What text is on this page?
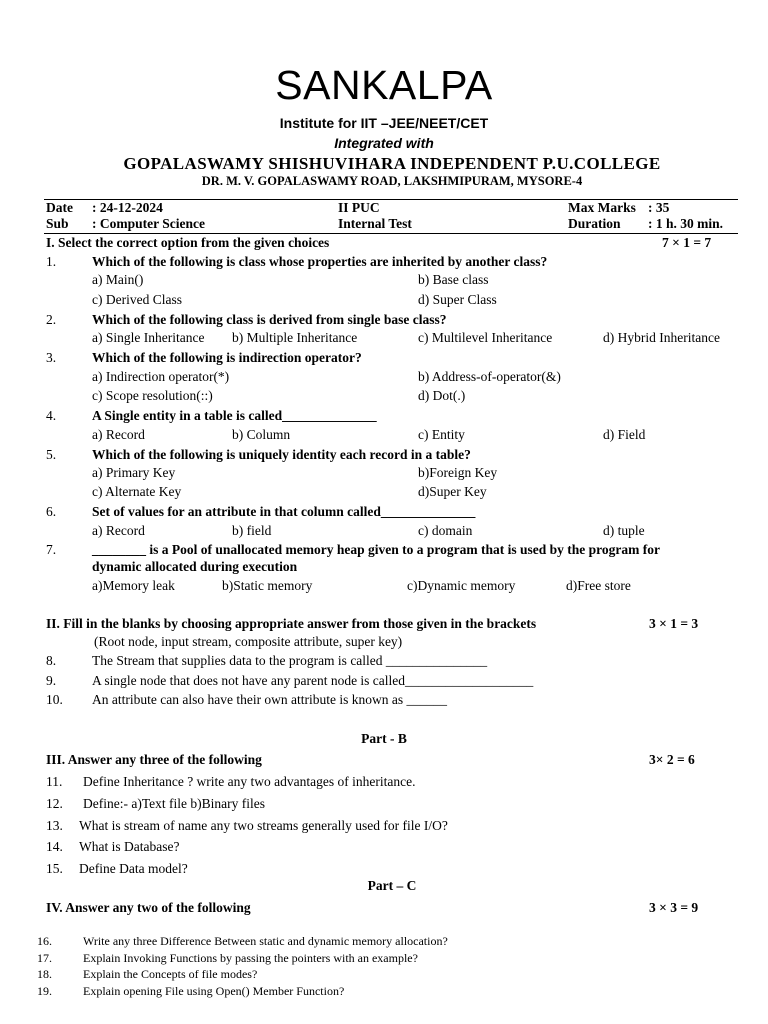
SANKALPA
Institute for IIT –JEE/NEET/CET
Integrated with
GOPALASWAMY SHISHUVIHARA INDEPENDENT P.U.COLLEGE
DR. M. V. GOPALASWAMY ROAD, LAKSHMIPURAM, MYSORE-4
Date : 24-12-2024	II PUC	Max Marks : 35
Sub : Computer Science	Internal Test	Duration : 1 h. 30 min.
I. Select the correct option from the given choices	7 × 1 = 7
1.	Which of the following is class whose properties are inherited by another class?
a) Main()	b) Base class
c) Derived Class	d) Super Class
2.	Which of the following class is derived from single base class?
a) Single Inheritance b) Multiple Inheritance	c) Multilevel Inheritance	d) Hybrid Inheritance
3.	Which of the following is indirection operator?
a) Indirection operator(*)	b) Address-of-operator(&)
c) Scope resolution(::)	d) Dot(.)
4.	A Single entity in a table is called______________
a) Record	b) Column	c) Entity	d) Field
5.	Which of the following is uniquely identity each record in a table?
a) Primary Key	b)Foreign Key
c) Alternate Key	d)Super Key
6.	Set of values for an attribute in that column called______________
a) Record	b) field	c) domain	d) tuple
7.	________ is a Pool of unallocated memory heap given to a program that is used by the program for
dynamic allocated during execution
a)Memory leak	b)Static memory	c)Dynamic memory	d)Free store
II. Fill in the blanks by choosing appropriate answer from those given in the brackets	3 × 1 = 3
(Root node, input stream, composite attribute, super key)
8.	The Stream that supplies data to the program is called _______________
9.	A single node that does not have any parent node is called___________________
10. An attribute can also have their own attribute is known as ______
Part - B
III. Answer any three of the following	3× 2 = 6
11. Define Inheritance ? write any two advantages of inheritance.
12. Define:- a)Text file b)Binary files
13. What is stream of name any two streams generally used for file I/O?
14. What is Database?
15. Define Data model?
Part – C
IV. Answer any two of the following	3 × 3 = 9
16.	Write any three Difference Between static and dynamic memory allocation?
17.	Explain Invoking Functions by passing the pointers with an example?
18.	Explain the Concepts of file modes?
19.	Explain opening File using Open() Member Function?
